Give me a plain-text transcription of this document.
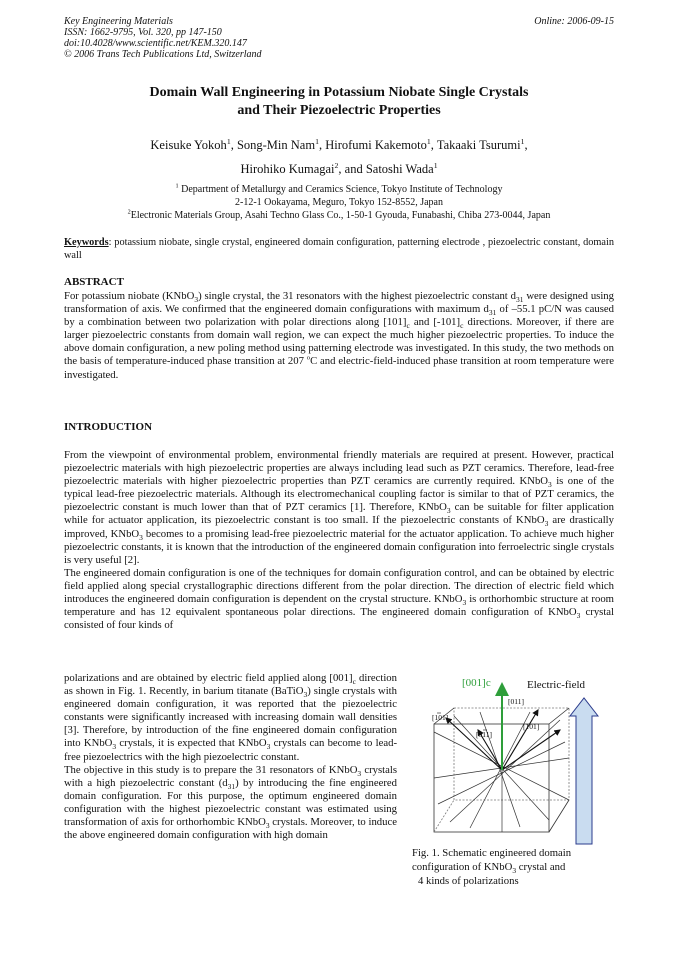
Key Engineering Materials
ISSN: 1662-9795, Vol. 320, pp 147-150
doi:10.4028/www.scientific.net/KEM.320.147
© 2006 Trans Tech Publications Ltd, Switzerland
Online: 2006-09-15
Domain Wall Engineering in Potassium Niobate Single Crystals
and Their Piezoelectric Properties
Keisuke Yokoh$^1$, Song-Min Nam$^1$, Hirofumi Kakemoto$^1$, Takaaki Tsurumi$^1$,
Hirohiko Kumagai$^2$, and Satoshi Wada$^1$
$^1$ Department of Metallurgy and Ceramics Science, Tokyo Institute of Technology
2-12-1 Ookayama, Meguro, Tokyo 152-8552, Japan
$^2$Electronic Materials Group, Asahi Techno Glass Co., 1-50-1 Gyouda, Funabashi, Chiba 273-0044, Japan
Keywords: potassium niobate, single crystal, engineered domain configuration, patterning electrode , piezoelectric constant, domain wall
ABSTRACT

For potassium niobate (KNbO$_3$) single crystal, the 31 resonators with the highest piezoelectric constant $d_{31}$ were designed using transformation of axis. We confirmed that the engineered domain configurations with maximum $d_{31}$ of –55.1 pC/N was caused by a combination between two polarization with polar directions along $[101]_c$ and $[-101]_c$ directions. Moreover, if there are larger piezoelectric constants from domain wall region, we can expect the much higher piezoelectric properties. To induce the above domain configuration, a new poling method using patterning electrode was investigated. In this study, the two methods on the basis of temperature-induced phase transition at 207 $^o$C and electric-field-induced phase transition at room temperature were investigated.

INTRODUCTION

From the viewpoint of environmental problem, environmental friendly materials are required at present. However, practical piezoelectric materials with high piezoelectric properties are always including lead such as PZT ceramics. Therefore, lead-free piezoelectric materials with higher piezoelectric properties than PZT ceramics are currently required. KNbO$_3$ is one of the typical lead-free piezoelectric materials. Although its electromechanical coupling factor is similar to that of PZT ceramics, the piezoelectric constant is much lower than that of PZT ceramics [1]. Therefore, KNbO$_3$ can be suitable for filter application while for actuator application, its piezoelectric constant is too small. If the piezoelectric constants of KNbO$_3$ are drastically improved, KNbO$_3$ becomes to a promising lead-free piezoelectric material for the actuator application. To achieve much higher piezoelectric constants, it is known that the introduction of the engineered domain configuration into ferroelectric single crystals is very useful [2].

The engineered domain configuration is one of the techniques for domain configuration control, and can be obtained by electric field applied along special crystallographic directions different from the polar direction. The direction of electric field which introduces the engineered domain configuration is dependent on the crystal structure. KNbO$_3$ is orthorhombic structure at room temperature and has 12 equivalent spontaneous polar directions. The engineered domain configuration of KNbO$_3$ crystal consisted of four kinds of

polarizations and are obtained by electric field applied along $[001]_c$ direction as shown in Fig. 1. Recently, in barium titanate (BaTiO$_3$) single crystals with engineered domain configuration, it was reported that the piezoelectric constants were significantly increased with increasing domain wall densities [3]. Therefore, by introduction of the fine engineered domain configuration into KNbO$_3$ crystals, it is expected that KNbO$_3$ crystals can become to lead-free piezoelectrics with the high piezoelectric constant.

The objective in this study is to prepare the 31 resonators of KNbO$_3$ crystals with a high piezoelectric constant $(d_{31})$ by introducing the fine engineered domain configuration. For this purpose, the optimum engineered domain configuration with the highest piezoelectric constant was estimated using transformation of axis for orthorhombic KNbO$_3$ crystals. Moreover, to induce the above engineered domain configuration with high domain

[001]c	Electric-field
[011]
[101]
[101]
[011]
Fig. 1. Schematic engineered domain
configuration of KNbO$_3$ crystal and
4 kinds of polarizations
